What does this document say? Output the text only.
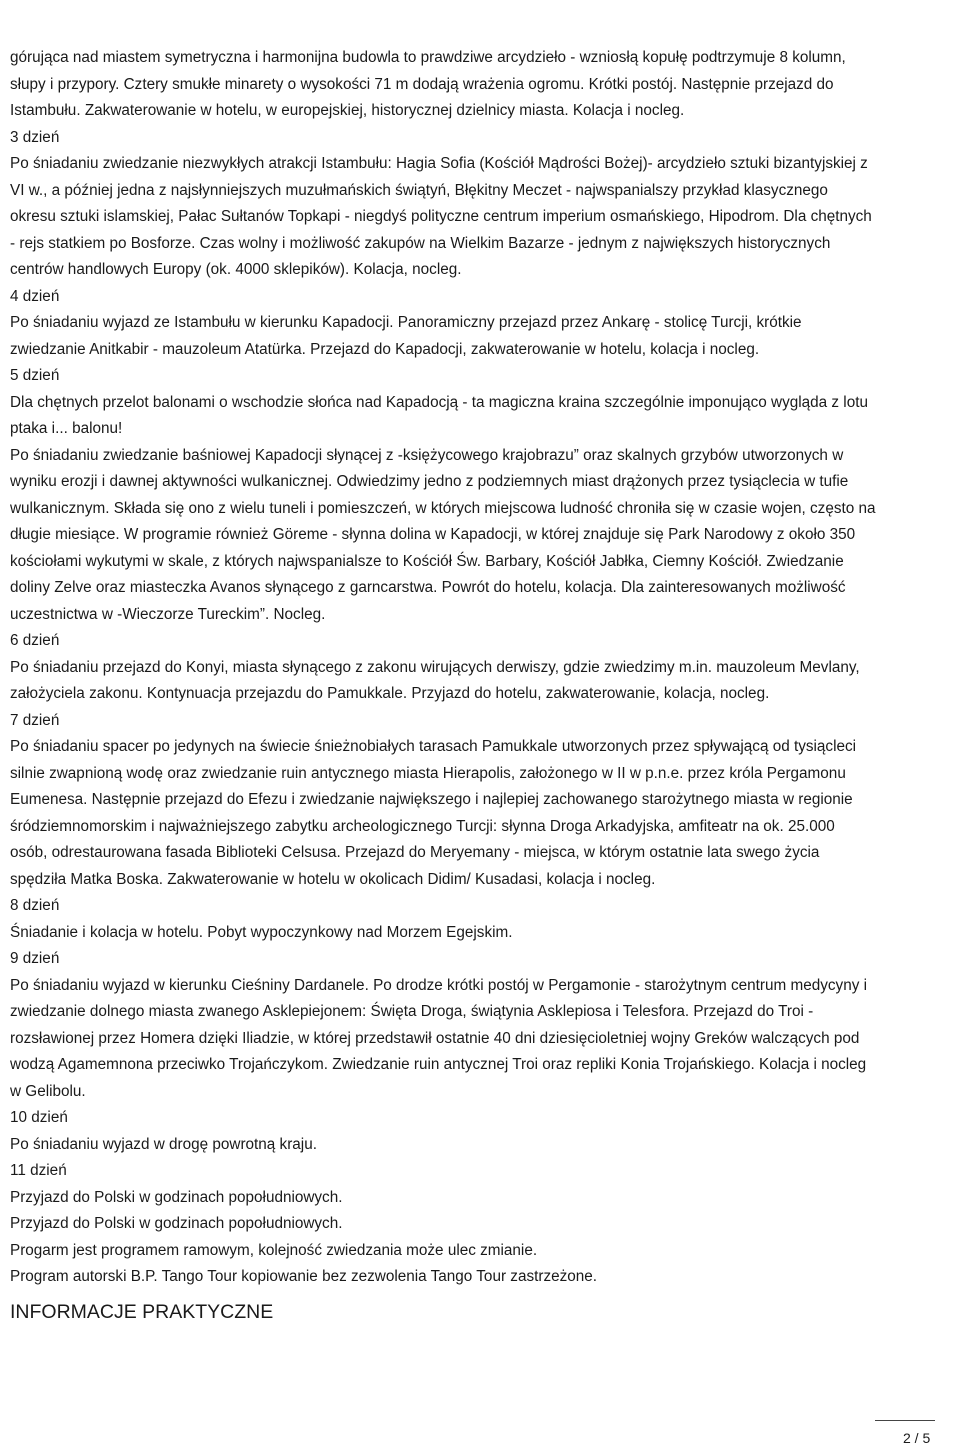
górująca nad miastem symetryczna i harmonijna budowla to prawdziwe arcydzieło - wzniosłą kopułę podtrzymuje 8 kolumn,
słupy i przypory. Cztery smukłe minarety o wysokości 71 m dodają wrażenia ogromu. Krótki postój. Następnie przejazd do
Istambułu. Zakwaterowanie w hotelu, w europejskiej, historycznej dzielnicy miasta. Kolacja i nocleg.
3 dzień
Po śniadaniu zwiedzanie niezwykłych atrakcji Istambułu: Hagia Sofia (Kościół Mądrości Bożej)- arcydzieło sztuki bizantyjskiej z
VI w., a później jedna z najsłynniejszych muzułmańskich świątyń, Błękitny Meczet - najwspanialszy przykład klasycznego
okresu sztuki islamskiej, Pałac Sułtanów Topkapi - niegdyś polityczne centrum imperium osmańskiego, Hipodrom. Dla chętnych
- rejs statkiem po Bosforze. Czas wolny i możliwość zakupów na Wielkim Bazarze - jednym z największych historycznych
centrów handlowych Europy (ok. 4000 sklepików). Kolacja, nocleg.
4 dzień
Po śniadaniu wyjazd ze Istambułu w kierunku Kapadocji. Panoramiczny przejazd przez Ankarę - stolicę Turcji, krótkie
zwiedzanie Anitkabir - mauzoleum Atatürka. Przejazd do Kapadocji, zakwaterowanie w hotelu, kolacja i nocleg.
5 dzień
Dla chętnych przelot balonami o wschodzie słońca nad Kapadocją - ta magiczna kraina szczególnie imponująco wygląda z lotu
ptaka i... balonu!
Po śniadaniu zwiedzanie baśniowej Kapadocji słynącej z -księżycowego krajobrazu” oraz skalnych grzybów utworzonych w
wyniku erozji i dawnej aktywności wulkanicznej. Odwiedzimy jedno z podziemnych miast drążonych przez tysiąclecia w tufie
wulkanicznym. Składa się ono z wielu tuneli i pomieszczeń, w których miejscowa ludność chroniła się w czasie wojen, często na
długie miesiące. W programie również Göreme - słynna dolina w Kapadocji, w której znajduje się Park Narodowy z około 350
kościołami wykutymi w skale, z których najwspanialsze to Kościół Św. Barbary, Kościół Jabłka, Ciemny Kościół. Zwiedzanie
doliny Zelve oraz miasteczka Avanos słynącego z garncarstwa. Powrót do hotelu, kolacja. Dla zainteresowanych możliwość
uczestnictwa w -Wieczorze Tureckim”. Nocleg.
6 dzień
Po śniadaniu przejazd do Konyi, miasta słynącego z zakonu wirujących derwiszy, gdzie zwiedzimy m.in. mauzoleum Mevlany,
założyciela zakonu. Kontynuacja przejazdu do Pamukkale. Przyjazd do hotelu, zakwaterowanie, kolacja, nocleg.
7 dzień
Po śniadaniu spacer po jedynych na świecie śnieżnobiałych tarasach Pamukkale utworzonych przez spływającą od tysiącleci
silnie zwapnioną wodę oraz zwiedzanie ruin antycznego miasta Hierapolis, założonego w II w p.n.e. przez króla Pergamonu
Eumenesa. Następnie przejazd do Efezu i zwiedzanie największego i najlepiej zachowanego starożytnego miasta w regionie
śródziemnomorskim i najważniejszego zabytku archeologicznego Turcji: słynna Droga Arkadyjska, amfiteatr na ok. 25.000
osób, odrestaurowana fasada Biblioteki Celsusa. Przejazd do Meryemany - miejsca, w którym ostatnie lata swego życia
spędziła Matka Boska. Zakwaterowanie w hotelu w okolicach Didim/ Kusadasi, kolacja i nocleg.
8 dzień
Śniadanie i kolacja w hotelu. Pobyt wypoczynkowy nad Morzem Egejskim.
9 dzień
Po śniadaniu wyjazd w kierunku Cieśniny Dardanele. Po drodze krótki postój w Pergamonie - starożytnym centrum medycyny i
zwiedzanie dolnego miasta zwanego Asklepiejonem: Święta Droga, świątynia Asklepiosa i Telesfora. Przejazd do Troi -
rozsławionej przez Homera dzięki Iliadzie, w której przedstawił ostatnie 40 dni dziesięcioletniej wojny Greków walczących pod
wodzą Agamemnona przeciwko Trojańczykom. Zwiedzanie ruin antycznej Troi oraz repliki Konia Trojańskiego. Kolacja i nocleg
w Gelibolu.
10 dzień
Po śniadaniu wyjazd w drogę powrotną kraju.
11 dzień
Przyjazd do Polski w godzinach popołudniowych.
Przyjazd do Polski w godzinach popołudniowych.
Progarm jest programem ramowym, kolejność zwiedzania może ulec zmianie.
Program autorski B.P. Tango Tour kopiowanie bez zezwolenia Tango Tour zastrzeżone.
INFORMACJE PRAKTYCZNE
2 / 5
